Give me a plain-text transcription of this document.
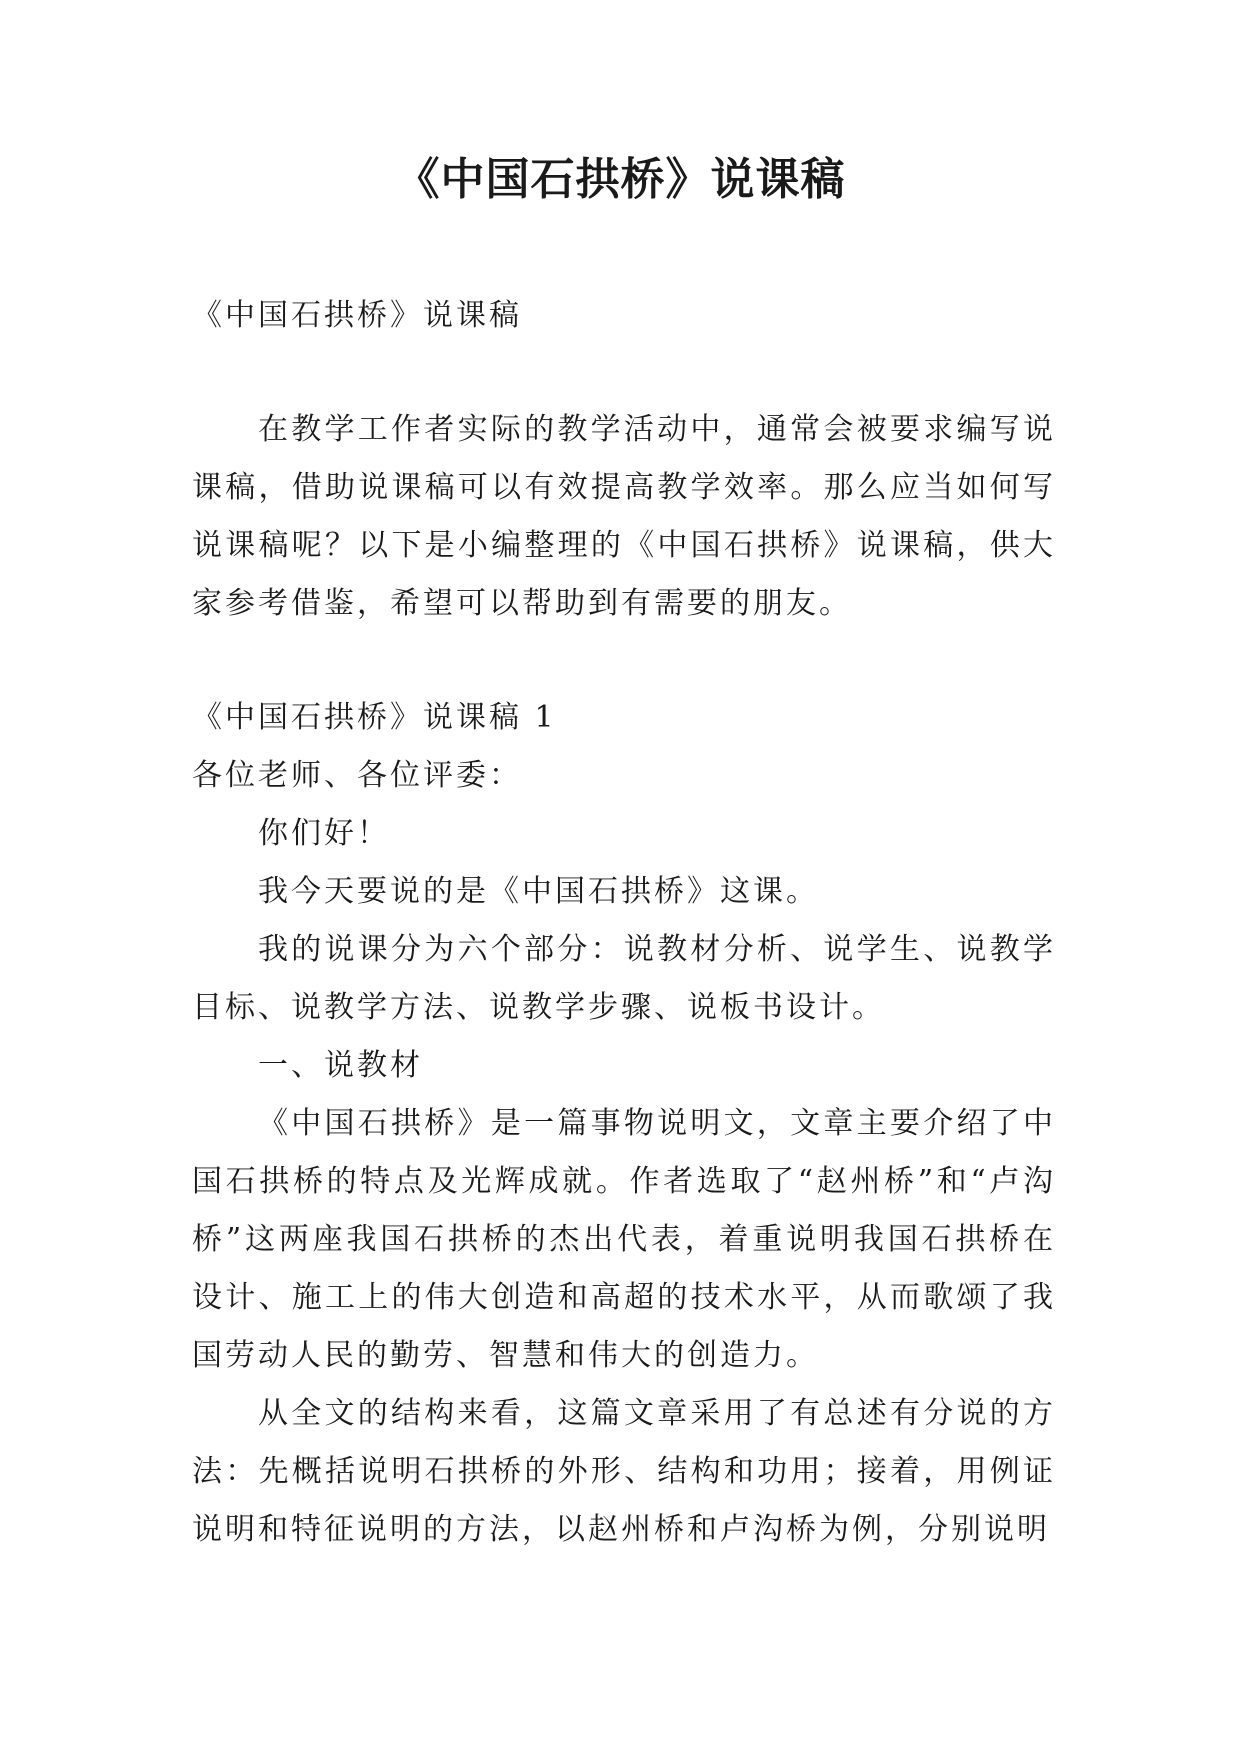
《中国石拱桥》说课稿

《中国石拱桥》说课稿

在教学工作者实际的教学活动中，通常会被要求编写说课稿，借助说课稿可以有效提高教学效率。那么应当如何写说课稿呢？以下是小编整理的《中国石拱桥》说课稿，供大家参考借鉴，希望可以帮助到有需要的朋友。

《中国石拱桥》说课稿 1

各位老师、各位评委：

你们好！

我今天要说的是《中国石拱桥》这课。

我的说课分为六个部分：说教材分析、说学生、说教学目标、说教学方法、说教学步骤、说板书设计。

一、说教材

《中国石拱桥》是一篇事物说明文，文章主要介绍了中国石拱桥的特点及光辉成就。作者选取了“赵州桥”和“卢沟桥”这两座我国石拱桥的杰出代表，着重说明我国石拱桥在设计、施工上的伟大创造和高超的技术水平，从而歌颂了我国劳动人民的勤劳、智慧和伟大的创造力。

从全文的结构来看，这篇文章采用了有总述有分说的方法：先概括说明石拱桥的外形、结构和功用；接着，用例证说明和特征说明的方法，以赵州桥和卢沟桥为例，分别说明
